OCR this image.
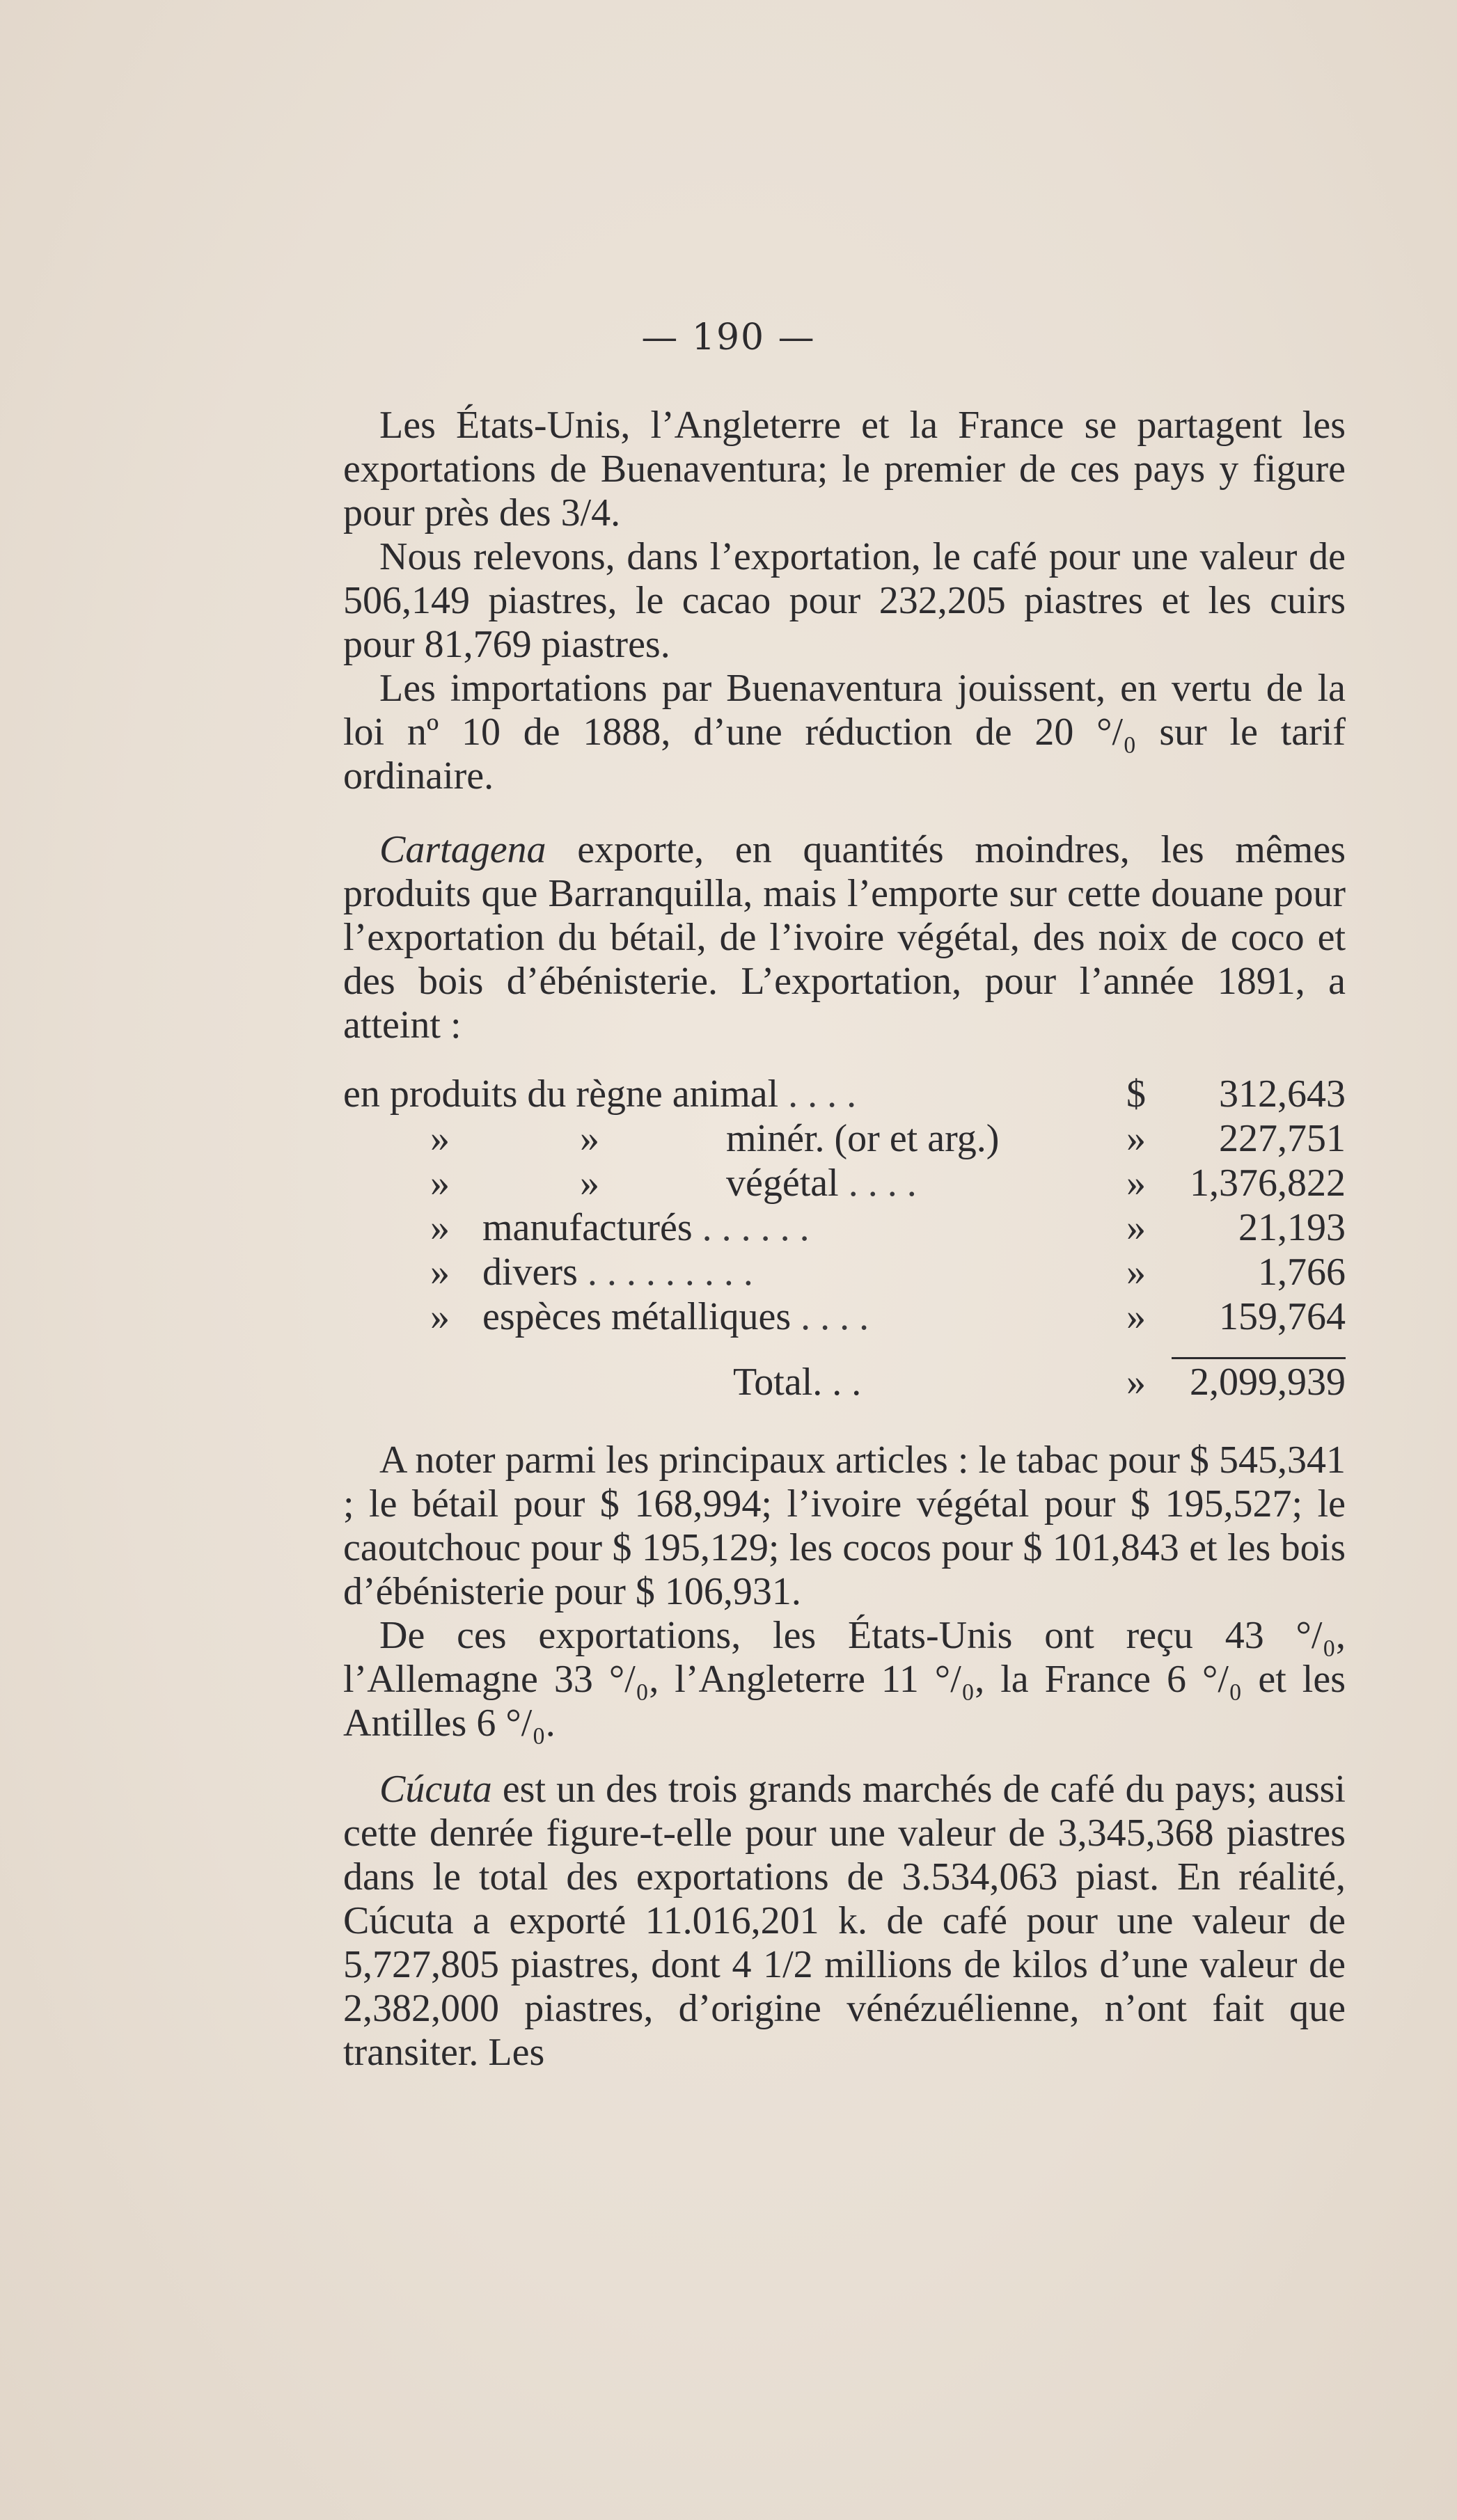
— 190 —

Les États-Unis, l’Angleterre et la France se partagent les exportations de Buenaventura; le premier de ces pays y figure pour près des 3/4.

Nous relevons, dans l’exportation, le café pour une valeur de 506,149 piastres, le cacao pour 232,205 piastres et les cuirs pour 81,769 piastres.

Les importations par Buenaventura jouissent, en vertu de la loi nº 10 de 1888, d’une réduction de 20 °/₀ sur le tarif ordinaire.

Cartagena exporte, en quantités moindres, les mêmes produits que Barranquilla, mais l’emporte sur cette douane pour l’exportation du bétail, de l’ivoire végétal, des noix de coco et des bois d’ébénisterie. L’exportation, pour l’année 1891, a atteint :

en produits du règne animal . . . .	$ 312,643
»	»	minér. (or et arg.)	» 227,751
»	»	végétal . . . .	» 1,376,822
» manufacturés . . . . . .	» 21,193
» divers . . . . . . . . .	»	1,766
» espèces métalliques . . . .	» 159,764
Total. . .	» 2,099,939

A noter parmi les principaux articles : le tabac pour $ 545,341 ; le bétail pour $ 168,994; l’ivoire végétal pour $ 195,527; le caoutchouc pour $ 195,129; les cocos pour $ 101,843 et les bois d’ébénisterie pour $ 106,931.

De ces exportations, les États-Unis ont reçu 43 °/₀, l’Allemagne 33 °/₀, l’Angleterre 11 °/₀, la France 6 °/₀ et les Antilles 6 °/₀.

Cúcuta est un des trois grands marchés de café du pays; aussi cette denrée figure-t-elle pour une valeur de 3,345,368 piastres dans le total des exportations de 3.534,063 piast. En réalité, Cúcuta a exporté 11.016,201 k. de café pour une valeur de 5,727,805 piastres, dont 4 1/2 millions de kilos d’une valeur de 2,382,000 piastres, d’origine vénézuélienne, n’ont fait que transiter. Les
